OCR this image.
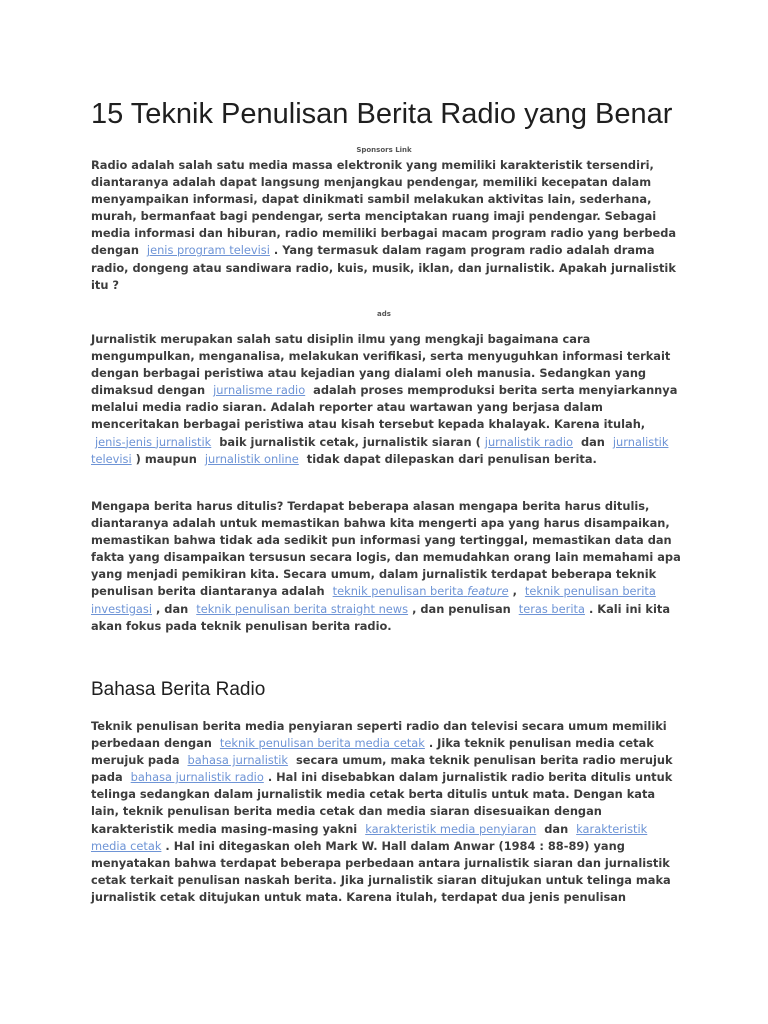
15 Teknik Penulisan Berita Radio yang Benar
Sponsors Link

Radio adalah salah satu media massa elektronik yang memiliki karakteristik tersendiri, diantaranya adalah dapat langsung menjangkau pendengar, memiliki kecepatan dalam menyampaikan informasi, dapat dinikmati sambil melakukan aktivitas lain, sederhana, murah, bermanfaat bagi pendengar, serta menciptakan ruang imaji pendengar. Sebagai media informasi dan hiburan, radio memiliki berbagai macam program radio yang berbeda dengan jenis program televisi . Yang termasuk dalam ragam program radio adalah drama radio, dongeng atau sandiwara radio, kuis, musik, iklan, dan jurnalistik. Apakah jurnalistik itu ?

ads

Jurnalistik merupakan salah satu disiplin ilmu yang mengkaji bagaimana cara mengumpulkan, menganalisa, melakukan verifikasi, serta menyuguhkan informasi terkait dengan berbagai peristiwa atau kejadian yang dialami oleh manusia. Sedangkan yang dimaksud dengan jurnalisme radio adalah proses memproduksi berita serta menyiarkannya melalui media radio siaran. Adalah reporter atau wartawan yang berjasa dalam menceritakan berbagai peristiwa atau kisah tersebut kepada khalayak. Karena itulah, jenis-jenis jurnalistik baik jurnalistik cetak, jurnalistik siaran ( jurnalistik radio dan jurnalistik televisi ) maupun jurnalistik online tidak dapat dilepaskan dari penulisan berita.

Mengapa berita harus ditulis? Terdapat beberapa alasan mengapa berita harus ditulis, diantaranya adalah untuk memastikan bahwa kita mengerti apa yang harus disampaikan, memastikan bahwa tidak ada sedikit pun informasi yang tertinggal, memastikan data dan fakta yang disampaikan tersusun secara logis, dan memudahkan orang lain memahami apa yang menjadi pemikiran kita. Secara umum, dalam jurnalistik terdapat beberapa teknik penulisan berita diantaranya adalah teknik penulisan berita feature , teknik penulisan berita investigasi , dan teknik penulisan berita straight news , dan penulisan teras berita . Kali ini kita akan fokus pada teknik penulisan berita radio.

Bahasa Berita Radio

Teknik penulisan berita media penyiaran seperti radio dan televisi secara umum memiliki perbedaan dengan teknik penulisan berita media cetak . Jika teknik penulisan media cetak merujuk pada bahasa jurnalistik secara umum, maka teknik penulisan berita radio merujuk pada bahasa jurnalistik radio . Hal ini disebabkan dalam jurnalistik radio berita ditulis untuk telinga sedangkan dalam jurnalistik media cetak berta ditulis untuk mata. Dengan kata lain, teknik penulisan berita media cetak dan media siaran disesuaikan dengan karakteristik media masing-masing yakni karakteristik media penyiaran dan karakteristik media cetak . Hal ini ditegaskan oleh Mark W. Hall dalam Anwar (1984 : 88-89) yang menyatakan bahwa terdapat beberapa perbedaan antara jurnalistik siaran dan jurnalistik cetak terkait penulisan naskah berita. Jika jurnalistik siaran ditujukan untuk telinga maka jurnalistik cetak ditujukan untuk mata. Karena itulah, terdapat dua jenis penulisan
